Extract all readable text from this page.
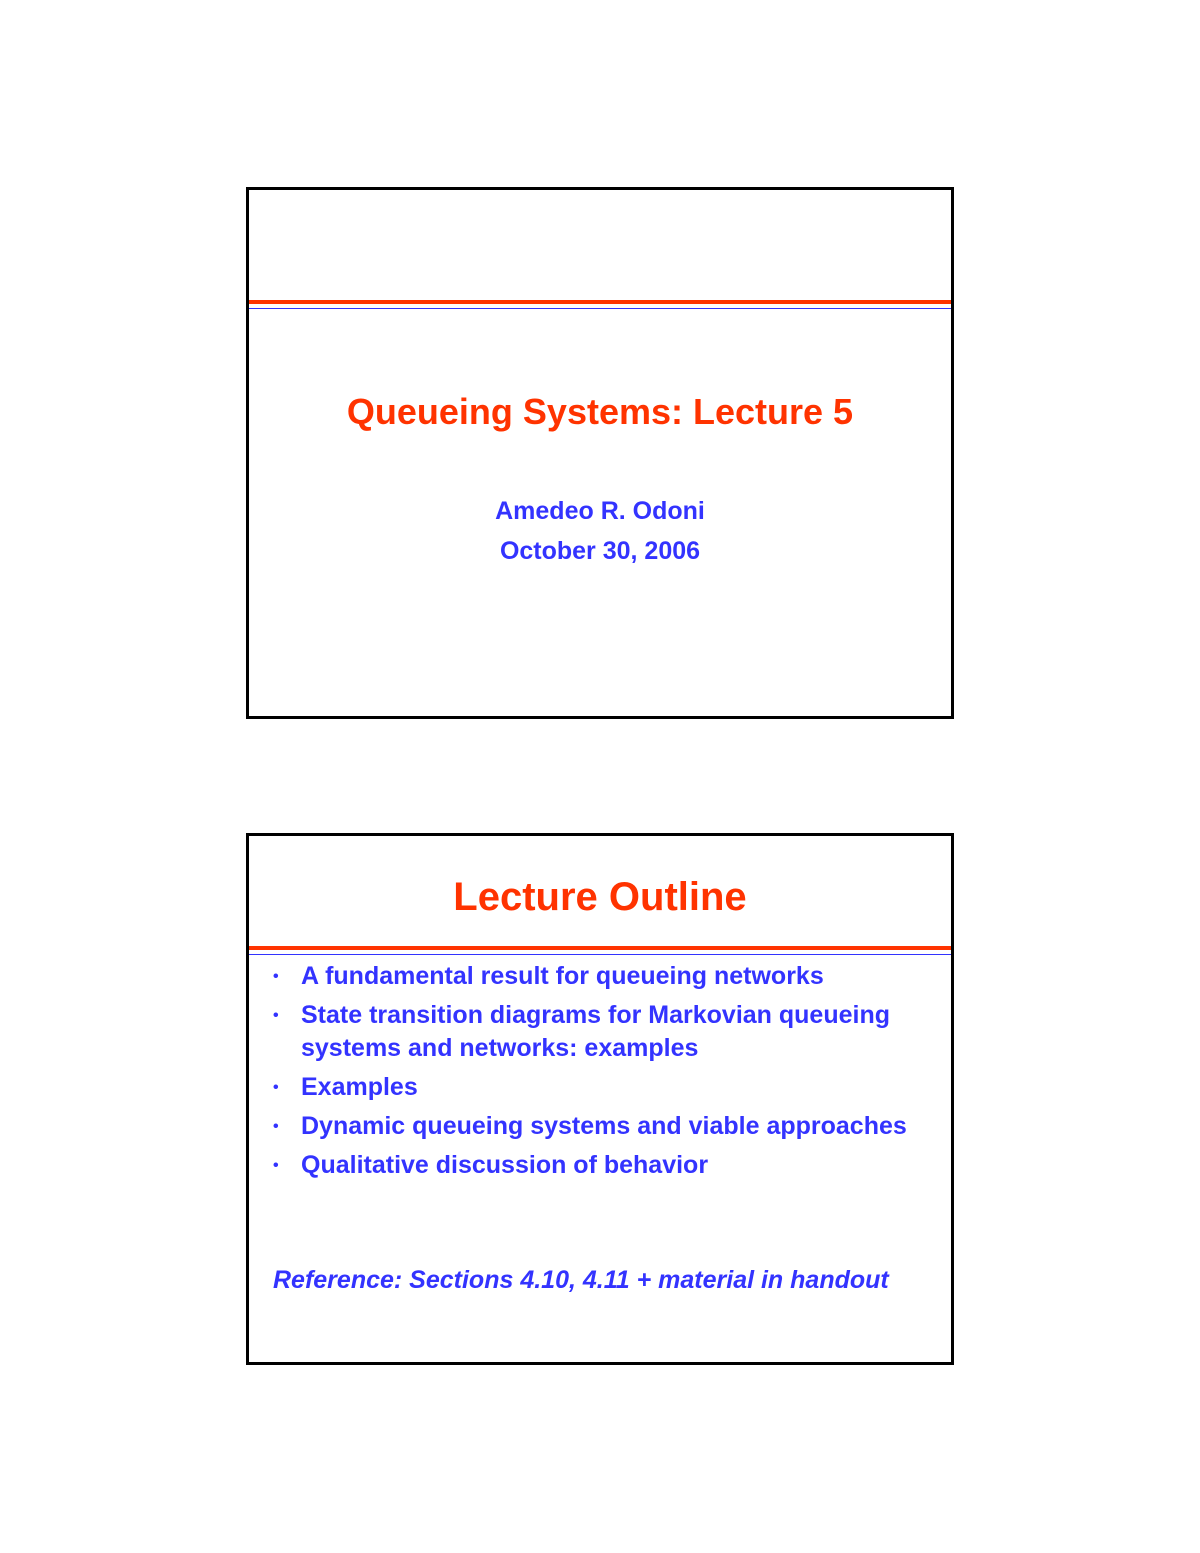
Queueing Systems: Lecture 5
Amedeo R. Odoni
October 30, 2006
Lecture Outline
• A fundamental result for queueing networks
• State transition diagrams for Markovian queueing systems and networks: examples
• Examples
• Dynamic queueing systems and viable approaches
• Qualitative discussion of behavior
Reference: Sections 4.10, 4.11 + material in handout
